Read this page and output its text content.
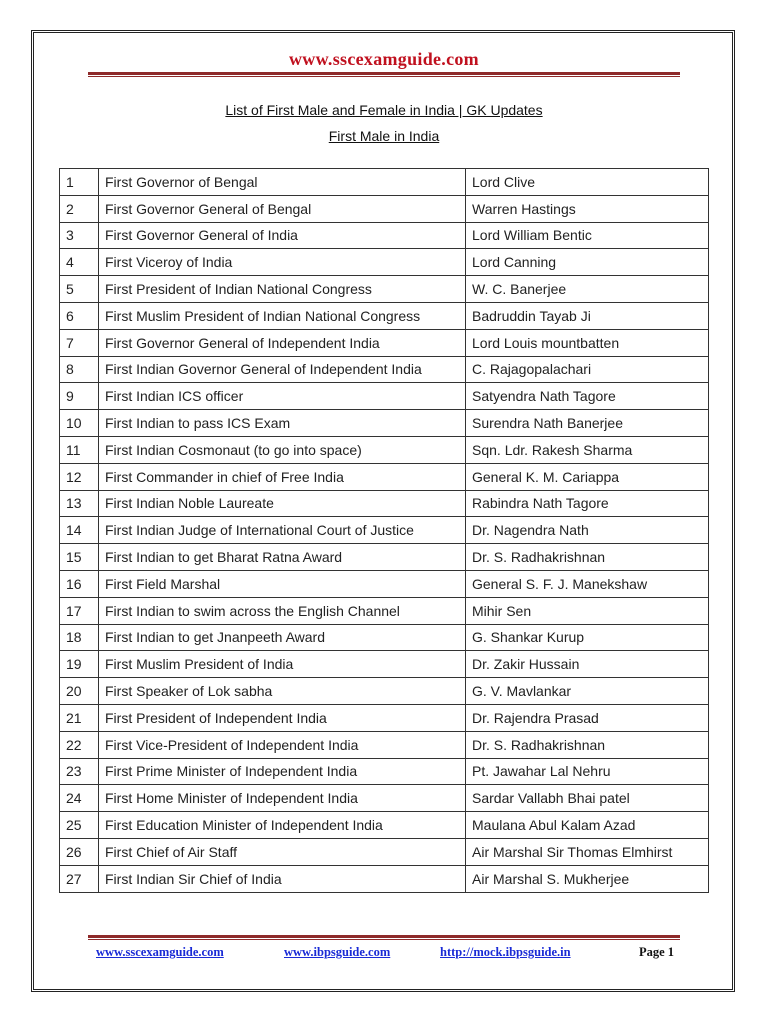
www.sscexamguide.com
List of First Male and Female in India | GK Updates
First Male in India
1	First Governor of Bengal	Lord Clive
2	First Governor General of Bengal	Warren Hastings
3	First Governor General of India	Lord William Bentic
4	First Viceroy of India	Lord Canning
5	First President of Indian National Congress	W. C. Banerjee
6	First Muslim President of Indian National Congress	Badruddin Tayab Ji
7	First Governor General of Independent India	Lord Louis mountbatten
8	First Indian Governor General of Independent India	C. Rajagopalachari
9	First Indian ICS officer	Satyendra Nath Tagore
10	First Indian to pass ICS Exam	Surendra Nath Banerjee
11	First Indian Cosmonaut (to go into space)	Sqn. Ldr. Rakesh Sharma
12	First Commander in chief of Free India	General K. M. Cariappa
13	First Indian Noble Laureate	Rabindra Nath Tagore
14	First Indian Judge of International Court of Justice	Dr. Nagendra Nath
15	First Indian to get Bharat Ratna Award	Dr. S. Radhakrishnan
16	First Field Marshal	General S. F. J. Manekshaw
17	First Indian to swim across the English Channel	Mihir Sen
18	First Indian to get Jnanpeeth Award	G. Shankar Kurup
19	First Muslim President of India	Dr. Zakir Hussain
20	First Speaker of Lok sabha	G. V. Mavlankar
21	First President of Independent India	Dr. Rajendra Prasad
22	First Vice-President of Independent India	Dr. S. Radhakrishnan
23	First Prime Minister of Independent India	Pt. Jawahar Lal Nehru
24	First Home Minister of Independent India	Sardar Vallabh Bhai patel
25	First Education Minister of Independent India	Maulana Abul Kalam Azad
26	First Chief of Air Staff	Air Marshal Sir Thomas Elmhirst
27	First Indian Sir Chief of India	Air Marshal S. Mukherjee
www.sscexamguide.com	www.ibpsguide.com	http://mock.ibpsguide.in	Page 1
